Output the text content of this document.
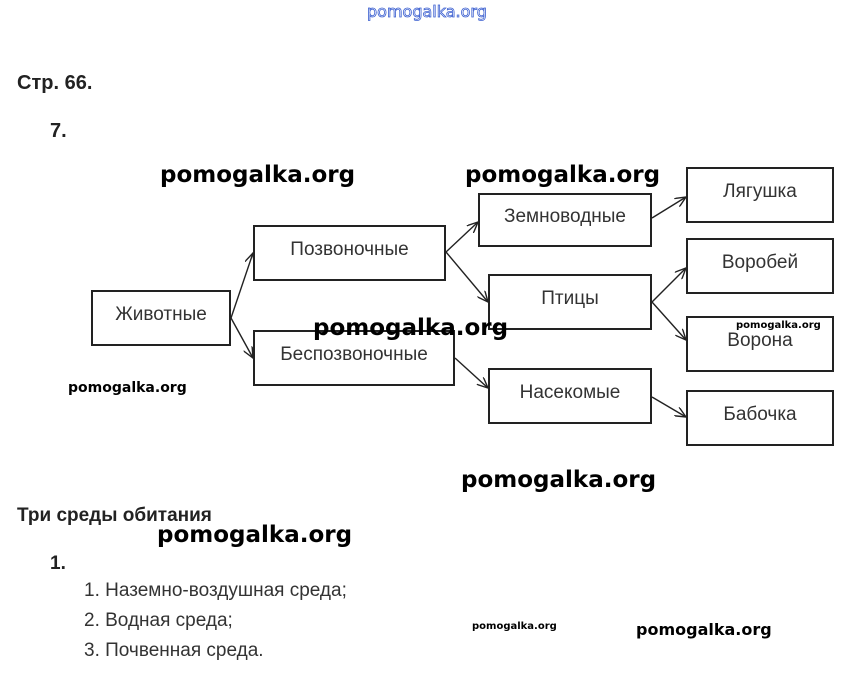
pomogalka.org
Стр. 66.
7.
Животные
Позвоночные
Беспозвоночные
Земноводные
Птицы
Насекомые
Лягушка
Воробей
Ворона
Бабочка
pomogalka.org	pomogalka.org
pomogalka.org	pomogalka.org
pomogalka.org
pomogalka.org
pomogalka.org
pomogalka.org	pomogalka.org
Три среды обитания
1.
1. Наземно-воздушная среда;
2. Водная среда;
3. Почвенная среда.
